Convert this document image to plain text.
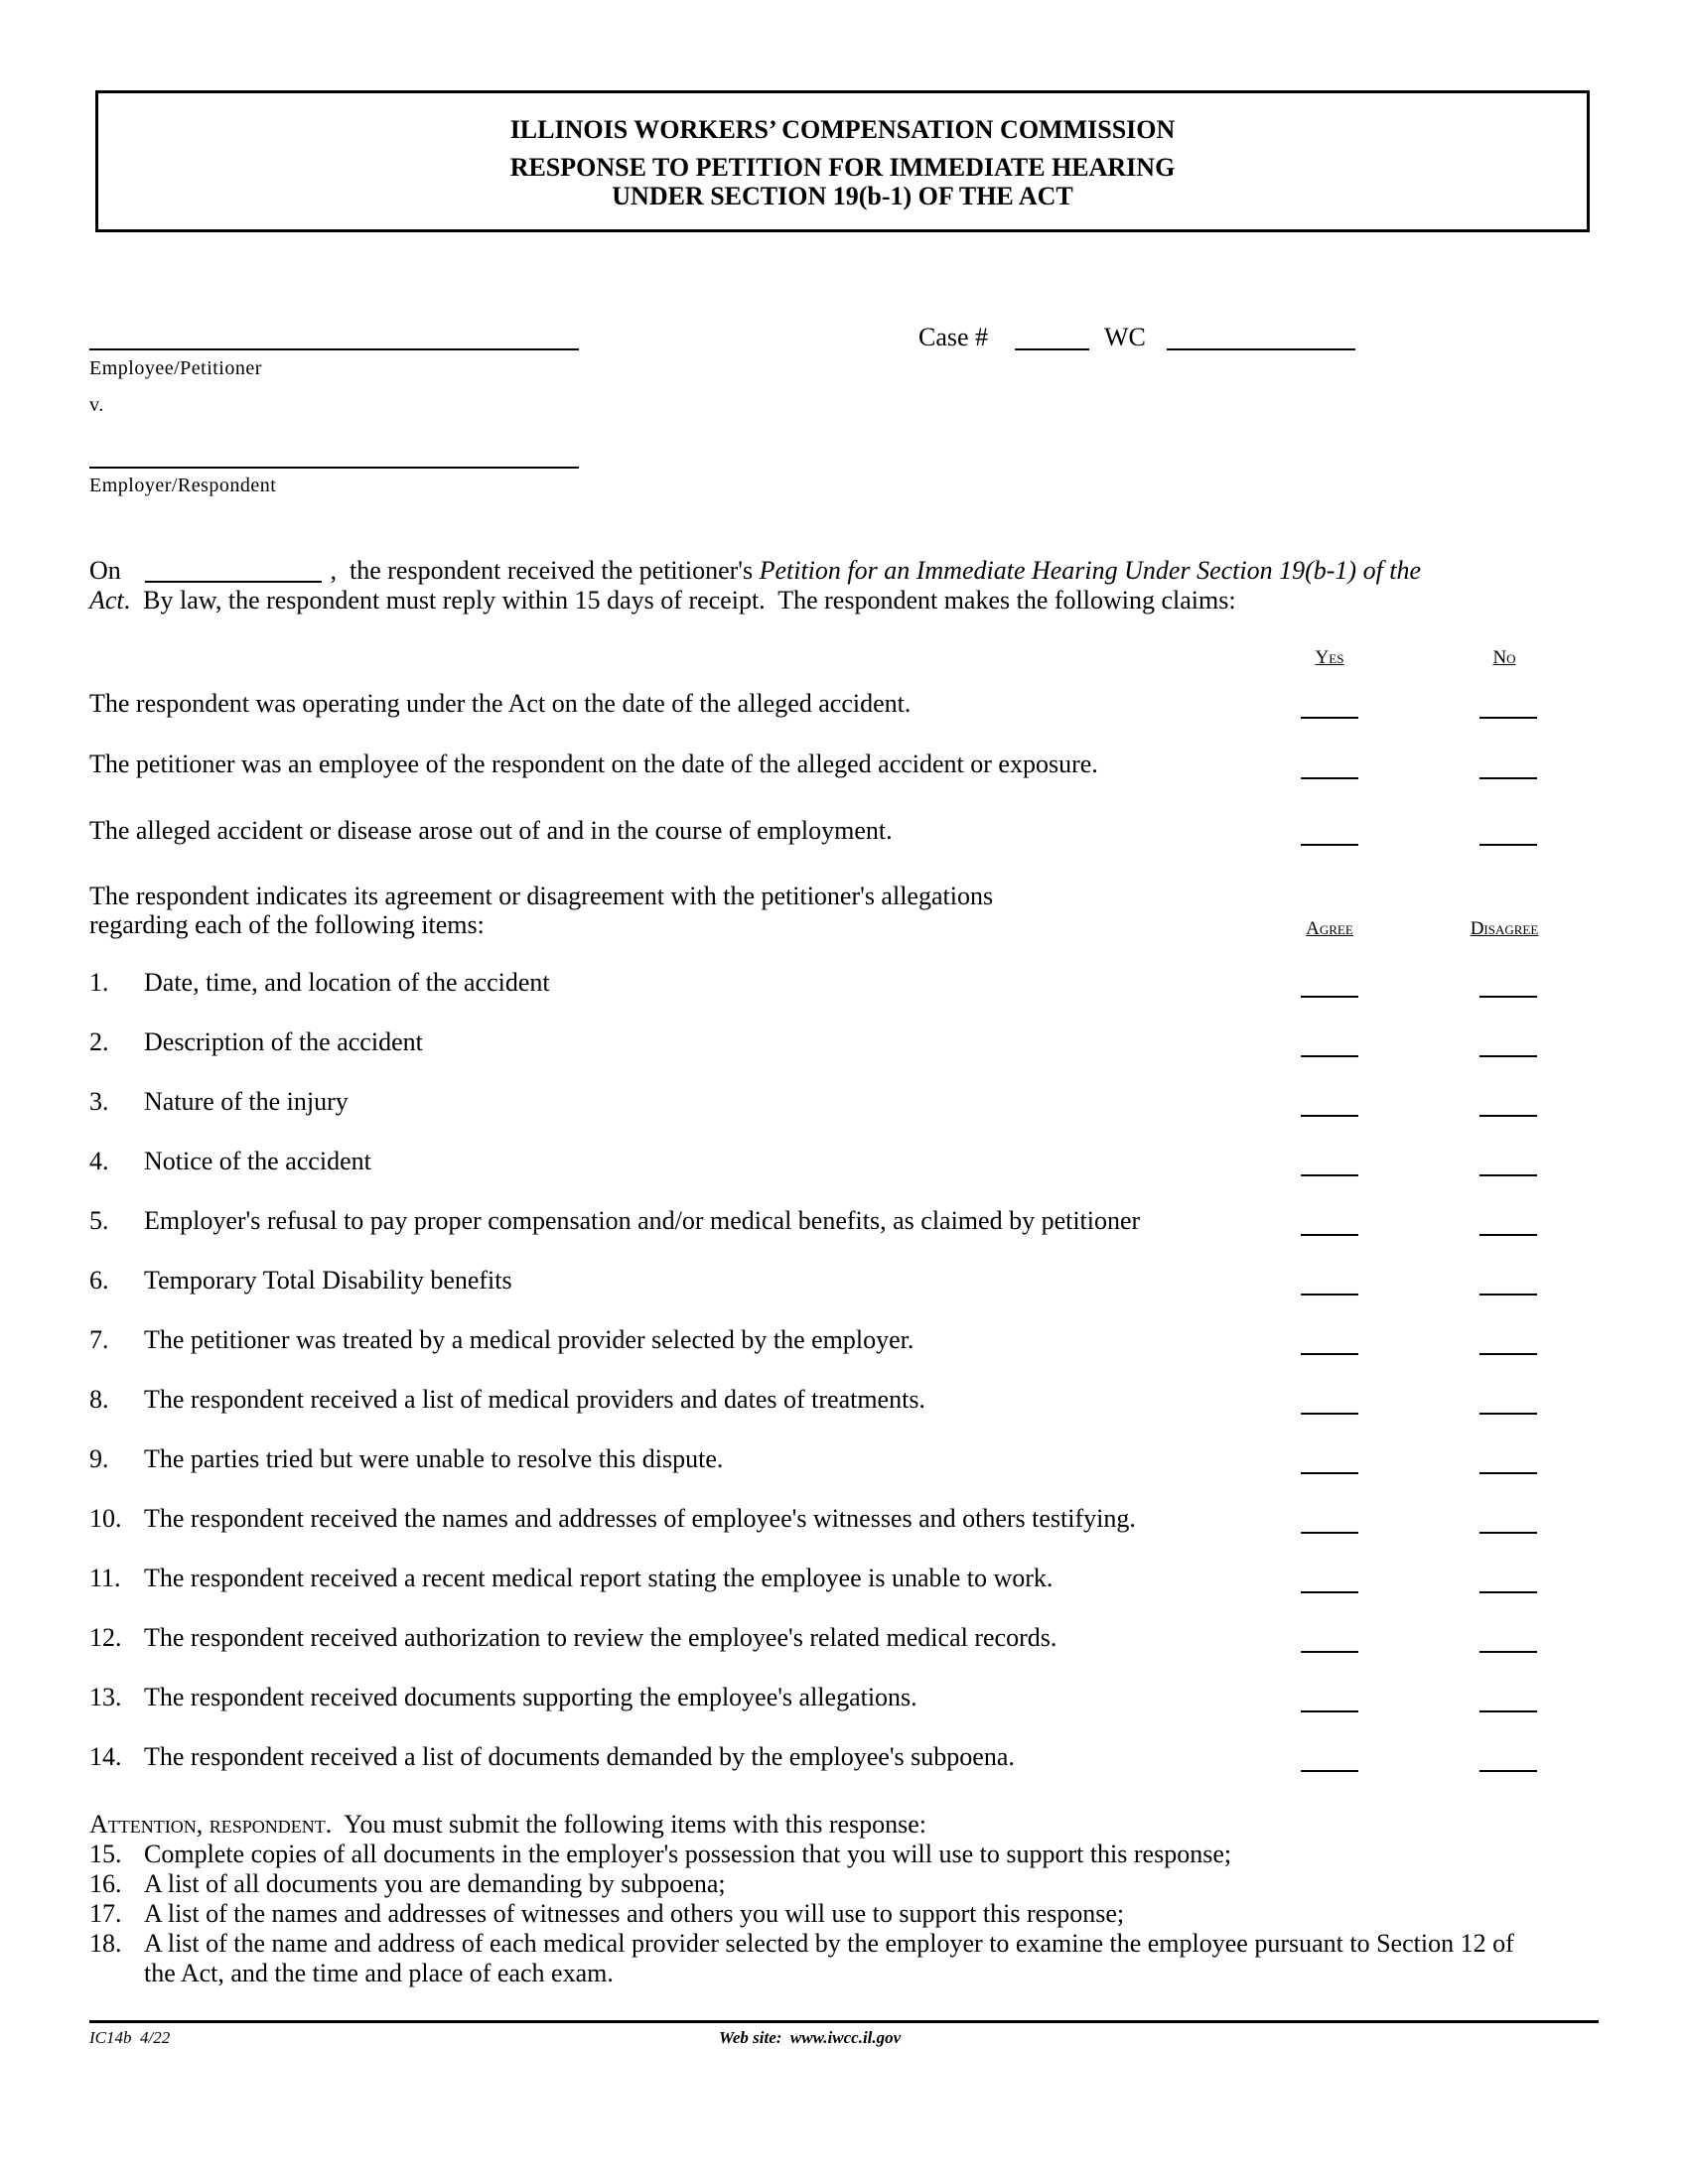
ILLINOIS WORKERS’ COMPENSATION COMMISSION
RESPONSE TO PETITION FOR IMMEDIATE HEARING
UNDER SECTION 19(b-1) OF THE ACT
Employee/Petitioner
v.
Employer/Respondent
Case #	WC
On	,  the respondent received the petitioner's Petition for an Immediate Hearing Under Section 19(b-1) of the
Act.  By law, the respondent must reply within 15 days of receipt.  The respondent makes the following claims:
Yes	No
The respondent was operating under the Act on the date of the alleged accident.
The petitioner was an employee of the respondent on the date of the alleged accident or exposure.
The alleged accident or disease arose out of and in the course of employment.
The respondent indicates its agreement or disagreement with the petitioner's allegations
regarding each of the following items:	Agree	Disagree
1. Date, time, and location of the accident
2. Description of the accident
3. Nature of the injury
4. Notice of the accident
5. Employer's refusal to pay proper compensation and/or medical benefits, as claimed by petitioner
6. Temporary Total Disability benefits
7. The petitioner was treated by a medical provider selected by the employer.
8. The respondent received a list of medical providers and dates of treatments.
9. The parties tried but were unable to resolve this dispute.
10. The respondent received the names and addresses of employee's witnesses and others testifying.
11. The respondent received a recent medical report stating the employee is unable to work.
12. The respondent received authorization to review the employee's related medical records.
13. The respondent received documents supporting the employee's allegations.
14. The respondent received a list of documents demanded by the employee's subpoena.
Attention, respondent.  You must submit the following items with this response:
15. Complete copies of all documents in the employer's possession that you will use to support this response;
16. A list of all documents you are demanding by subpoena;
17. A list of the names and addresses of witnesses and others you will use to support this response;
18. A list of the name and address of each medical provider selected by the employer to examine the employee pursuant to Section 12 of the Act, and the time and place of each exam.
IC14b  4/22	Web site:  www.iwcc.il.gov
